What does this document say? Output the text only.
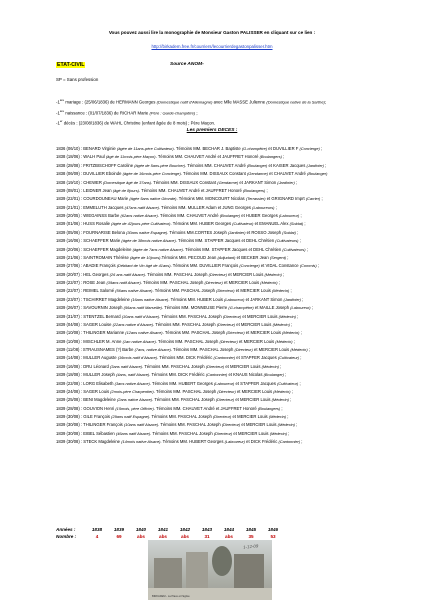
Vous pouvez aussi lire la monographie de Monsieur Gaston PALISSER en cliquant sur ce lien :
http://birkadem.free.fr/courriers/lecourrierdegastonpalisser.htm
ETAT-CIVIL	Source ANOM-
SP = Sans profession
-1ère mariage : (25/06/1836) de HERMANN Georges (Domestique natif d’Allemagne) avec Mlle MASSE Julienne (Domestique native de la Sarthe);
-1ère naissance : (01/07/1836) de RICHAR Marie (Père : Garde-champêtre) ;
-1er décès : (23/08/1836) de WAHL Christine (enfant âgée de 8 mois) ; Père Maçon.
Les premiers DECES :
1836 (06/10) : BENARD Virginie (âgée de 11ans-père Cultivateur). Témoins MM. BECHAR J. Baptiste (G-champêtre) et DUVILLIER F (Concierge) ;
1838 (18/06) : WALH Paul (âgé de 11mois-père Maçon). Témoins MM. CHAUVET André et JAUFFRET Honoré (Boulangers) ;
1838 (28/08) : FRITZBISCHOFF Caroline (âgée de 5ans-père Boucher). Témoins MM. CHAUVET André (Boulanger) et KAISER Jacques (Jardinier) ;
1838 (06/09) : DUVILLIER Eboinde (âgée de 16mois-père Concierge). Témoins MM. DISSAUX Constant (Gendarme) et CHAUVET André (Boulanger)
1838 (19/10) : CHEWER (Domestique âgé de 37ans). Témoins MM. DISSAUX Constant (Gendarme) et JARKANT Simon (Jardinier) ;
1839 (08/01) : LEIDNER Jean (âgé de 8jours). Témoins MM. CHAUVET André et JAUFFRET Honoré (Boulangers) ;
1839 (22/01) : COURDOUNEAU Marie (âgée 5ans native Gironde). Témoins MM. MONCOURT Nicolas (Terrassier) et GRIGNARD Imprt (Carrier) ;
1839 (21/01) : EMMELUTH Jacques (47ans natif Alsace). Témoins MM. MULLER Adam et JUNG Georges (Laboureurs) ;
1839 (20/05) : WIEGAINSS Barbe (62ans native Alsace). Témoins MM. CHAUVET André (Boulanger) et HUBER Georges (Laboureur) ;
1839 (01/06) : HUSS Rosalie (âgée de 42jours-père Cultivateur). Témoins MM. HUBER Georges (Cultivateur) et EMANUEL Alex (Soldat) ;
1839 (05/06) : FOURNARISE Belona (30ans native Espagne). Témoins MM.CORTES Joseph (Jardinier) et ROSSO Joseph (Soldat) ;
1839 (16/06) : SCHAEFFER Marie (âgée de 38mois native Alsace). Témoins MM. STAPFER Jacques et DEHL Chrétien (Cultivateurs) ;
1839 (20/06) : SCHAEFFER Magdeleine (âgée de 7ans native Alsace). Témoins MM. STAPFER Jacques et DEHL Chrétien (Cultivateurs) ;
1839 (21/06) : SAINTROMAIN Thérèse (âgée de 10jours).Témoins MM. PECOUD Jean (Adjudant) et BECKER Jean (Sergent) ;
1839 (27/06) : ABADIE François (Débitant de Vin âgé de 41ans). Témoins MM. DUVILLIER François (Concierge) et VIDAL Constance (Commis) ;
1839 (20/07) : HEL Georges (26 ans natif Alsace). Témoins MM. PASCHAL Joseph (Directeur) et MERCIER Louis (Médecin) ;
1839 (22/07) : ROSE Jean (39ans natif Alsace). Témoins MM. PASCHAL Joseph (Directeur) et MERCIER Louis (Médecin) ;
1839 (22/07) : REIMEL Salomé (56ans native Alsace). Témoins MM. PASCHAL Joseph (Directeur) et MERCIER Louis (Médecin) ;
1839 (23/07) : TSCHIRRET Magdeleine (16ans native Alsace). Témoins MM. HUBER Louis (Laboureur) et JARKANT Simon (Jardinier) ;
1839 (26/07) : SAVOURNIN Joseph (56ans natif Marseille). Témoins MM. MONNEUSE Pierre (G-champêtre) et MAILLE Joseph (Laboureur) ;
1839 (31/07) : STENTZEL Bernard (10ans natif d’Alsace). Témoins MM. PASCHAL Joseph (Directeur) et MERCIER Louis (Médecin) ;
1839 (04/08) : SAGER Louise (22ans native d’Alsace). Témoins MM. PASCHAL Joseph (Directeur) et MERCIER Louis (Médecin) ;
1839 (10/08) : THILINGER Marianne (12ans native Alsace). Témoins MM. PASCHAL Joseph (Directeur) et MERCIER Louis (Médecin) ;
1839 (10/08) : MISCHLER M. Anne (1an native Alsace). Témoins MM. PASCHAL Joseph (Directeur) et MERCIER Louis (Médecin) ;
1839 (11/08) : STRAUSNAMES (?) Barbe (7ans, native Alsace). Témoins MM. PASCHAL Joseph (Directeur) et MERCIER Louis (Médecin) ;
1839 (14/08) : MULLER Auguste (16mois natif d’Alsace). Témoins MM. DICK Frédéric (Cantonnier) et STAPFER Jacques (Cultivateur) ;
1839 (16/08) : DRU Léonard (3ans natif Alsace). Témoins MM. PASCHAL Joseph (Directeur) et MERCIER Louis (Médecin) ;
1839 (18/08) : MULLER Joseph (4ans, natif Alsace). Témoins MM. DICK Frédéric (Cantonnier) et KNAUS Nicolas (Boulanger) ;
1839 (22/08) : LORG Elisabeth (3ans native Alsace). Témoins MM. HUBERT Georges (Laboureur) et STAPFER Jacques (Cultivateur) ;
1839 (24/08) : SAGER Louis (2mois-père Charpentier). Témoins MM. PASCHAL Joseph (Directeur) et MERCIER Louis (Médecin) ;
1839 (25/08) : BENI Magdeleine (2ans native Alsace). Témoins MM. PASCHAL Joseph (Directeur) et MERCIER Louis (Médecin) ;
1839 (28/08) : GOUVION Henri (15mois, père Officier). Témoins MM. CHAUVET André et JAUFFRET Honoré (Boulangers) ;
1839 (30/08) : GILE François (29ans natif Espagne). Témoins MM. PASCHAL Joseph (Directeur) et MERCIER Louis (Médecin) ;
1839 (30/08) : THILINGER François (10ans natif Alsace). Témoins MM. PASCHAL Joseph (Directeur) et MERCIER Louis (Médecin) ;
1839 (30/08) : EIBEL Sébastien (46ans natif Alsace). Témoins MM. PASCHAL Joseph (Directeur) et MERCIER Louis (Médecin) ;
1839 (30/08) : STECK Magdeleine (14mois native Alsace). Témoins MM. HUBERT Georges (Laboureur) et DICK Frédéric (Cantonnier) ;
Années :	1838	1839	1840	1841	1842	1843	1844	1845	1846
Nombre :	4	69	abs	abs	abs	31	abs	35	53
1-12-09
BIRKADEM - La Place et l'Eglise
